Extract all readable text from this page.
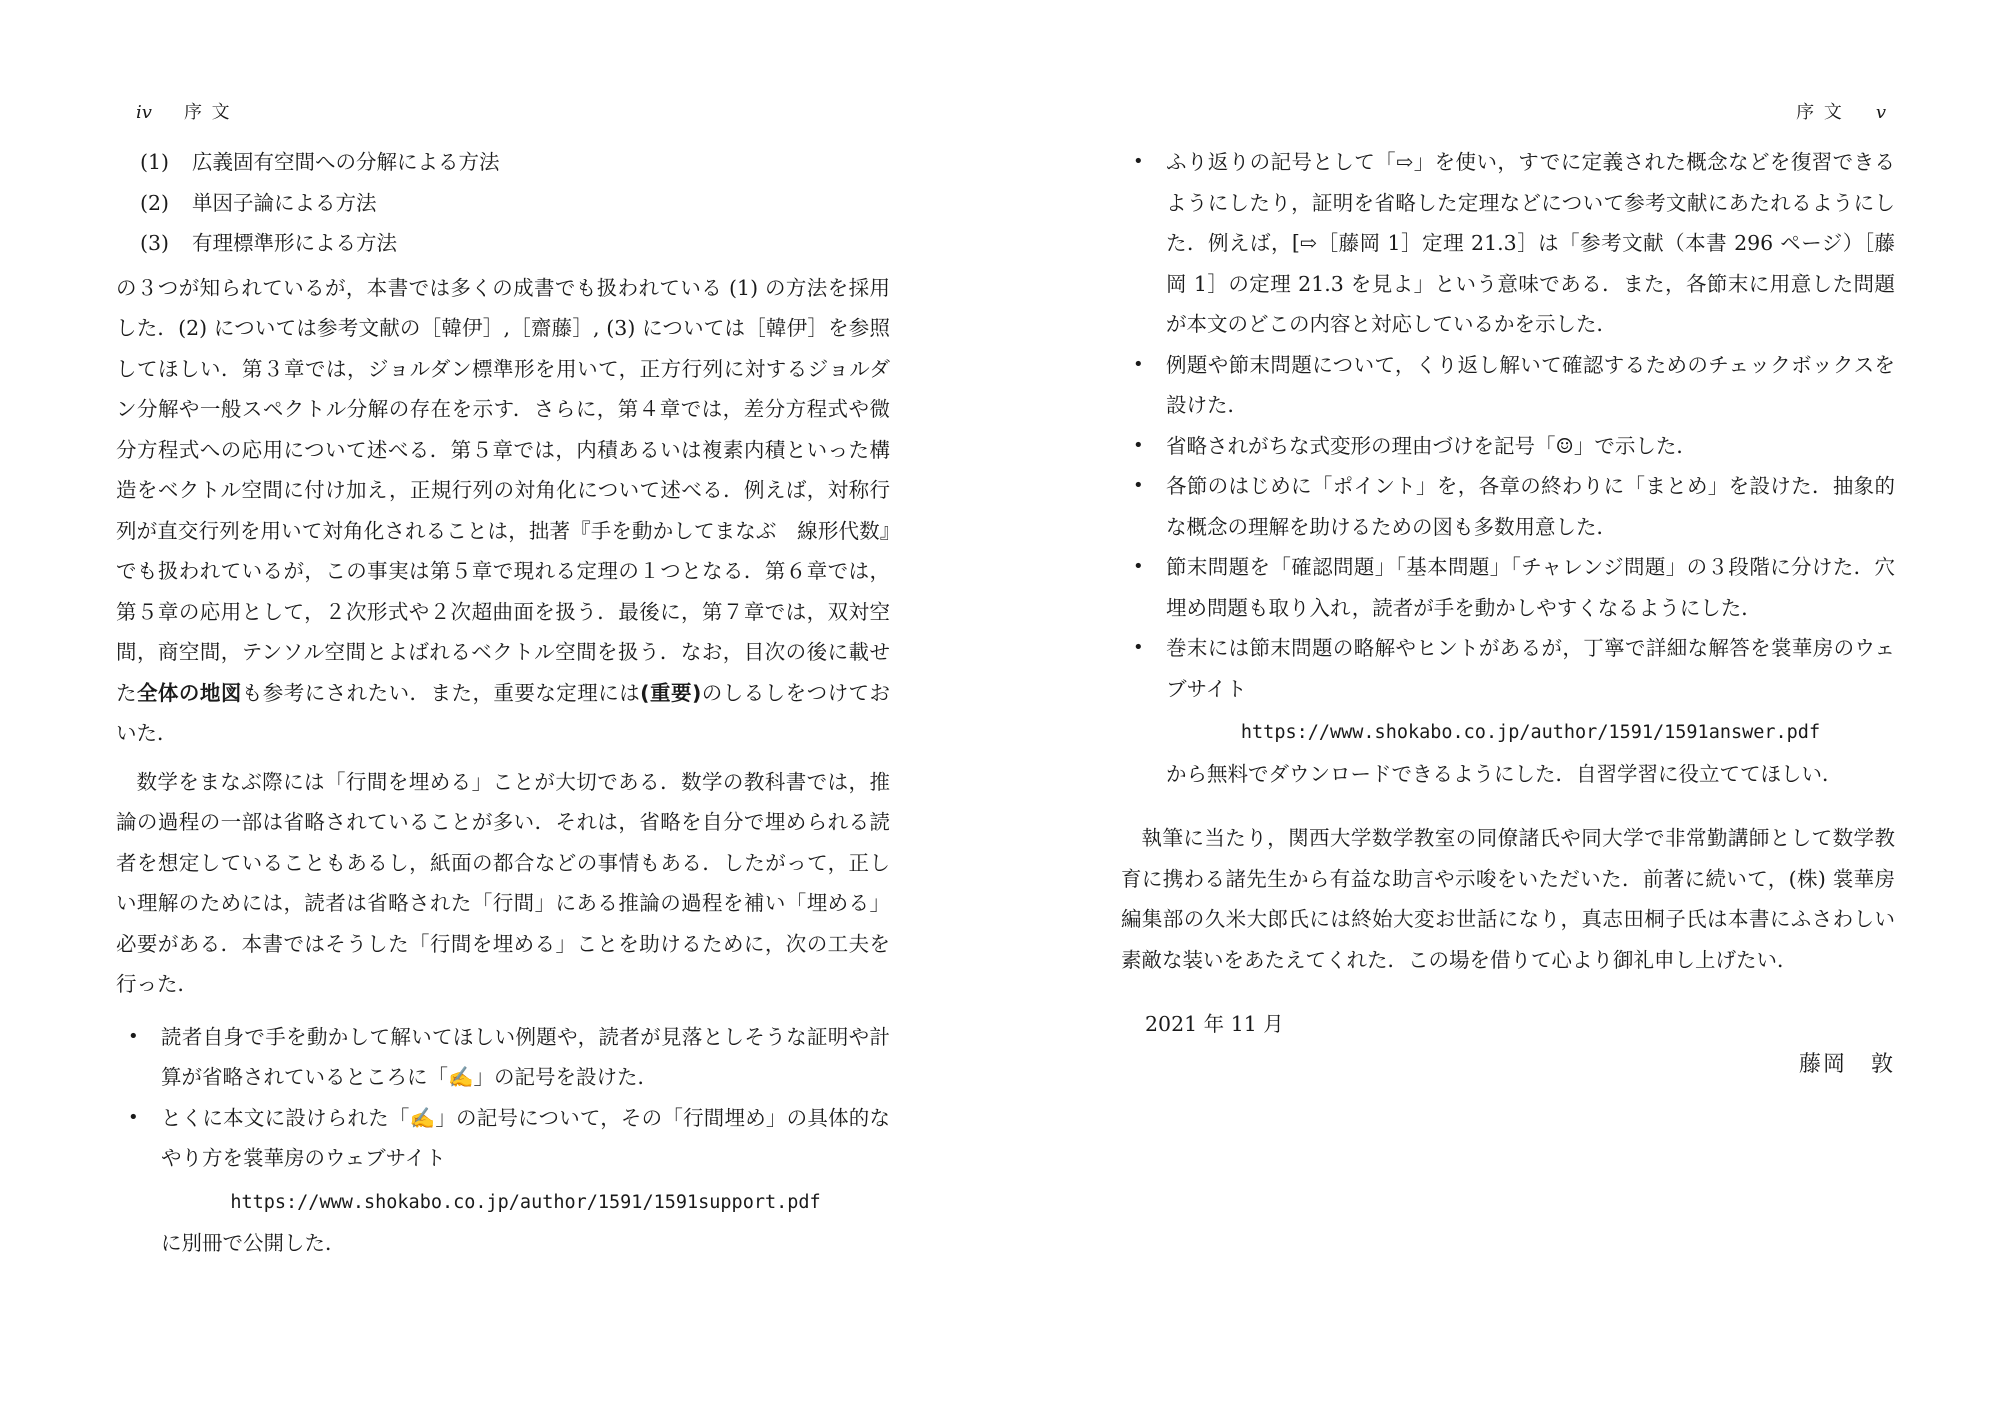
iv 序 文
(1) 広義固有空間への分解による方法
(2) 単因子論による方法
(3) 有理標準形による方法

の３つが知られているが，本書では多くの成書でも扱われている (1) の方法を採用した．(2) については参考文献の［韓伊］,［齋藤］, (3) については［韓伊］を参照してほしい．第３章では，ジョルダン標準形を用いて，正方行列に対するジョルダン分解や一般スペクトル分解の存在を示す．さらに，第４章では，差分方程式や微分方程式への応用について述べる．第５章では，内積あるいは複素内積といった構造をベクトル空間に付け加え，正規行列の対角化について述べる．例えば，対称行列が直交行列を用いて対角化されることは，拙著『手を動かしてまなぶ　線形代数』でも扱われているが，この事実は第５章で現れる定理の１つとなる．第６章では，第５章の応用として，２次形式や２次超曲面を扱う．最後に，第７章では，双対空間，商空間，テンソル空間とよばれるベクトル空間を扱う．なお，目次の後に載せた全体の地図も参考にされたい．また，重要な定理には(重要)のしるしをつけておいた．

数学をまなぶ際には「行間を埋める」ことが大切である．数学の教科書では，推論の過程の一部は省略されていることが多い．それは，省略を自分で埋められる読者を想定していることもあるし，紙面の都合などの事情もある．したがって，正しい理解のためには，読者は省略された「行間」にある推論の過程を補い「埋める」必要がある．本書ではそうした「行間を埋める」ことを助けるために，次の工夫を行った．

• 読者自身で手を動かして解いてほしい例題や，読者が見落としそうな証明や計算が省略されているところに「✍」の記号を設けた．
• とくに本文に設けられた「✍」の記号について，その「行間埋め」の具体的なやり方を裳華房のウェブサイト
https://www.shokabo.co.jp/author/1591/1591support.pdf
に別冊で公開した．
序 文 v
• ふり返りの記号として「⇨」を使い，すでに定義された概念などを復習できるようにしたり，証明を省略した定理などについて参考文献にあたれるようにした．例えば，[⇨［藤岡 1］定理 21.3］は「参考文献（本書 296 ページ）［藤岡 1］の定理 21.3 を見よ」という意味である．また，各節末に用意した問題が本文のどこの内容と対応しているかを示した．
• 例題や節末問題について，くり返し解いて確認するためのチェックボックスを設けた．
• 省略されがちな式変形の理由づけを記号「☺」で示した．
• 各節のはじめに「ポイント」を，各章の終わりに「まとめ」を設けた．抽象的な概念の理解を助けるための図も多数用意した．
• 節末問題を「確認問題」「基本問題」「チャレンジ問題」の３段階に分けた．穴埋め問題も取り入れ，読者が手を動かしやすくなるようにした．
• 巻末には節末問題の略解やヒントがあるが，丁寧で詳細な解答を裳華房のウェブサイト
https://www.shokabo.co.jp/author/1591/1591answer.pdf
から無料でダウンロードできるようにした．自習学習に役立ててほしい．

執筆に当たり，関西大学数学教室の同僚諸氏や同大学で非常勤講師として数学教育に携わる諸先生から有益な助言や示唆をいただいた．前著に続いて，(株) 裳華房編集部の久米大郎氏には終始大変お世話になり，真志田桐子氏は本書にふさわしい素敵な装いをあたえてくれた．この場を借りて心より御礼申し上げたい．

2021 年 11 月
藤岡　敦
